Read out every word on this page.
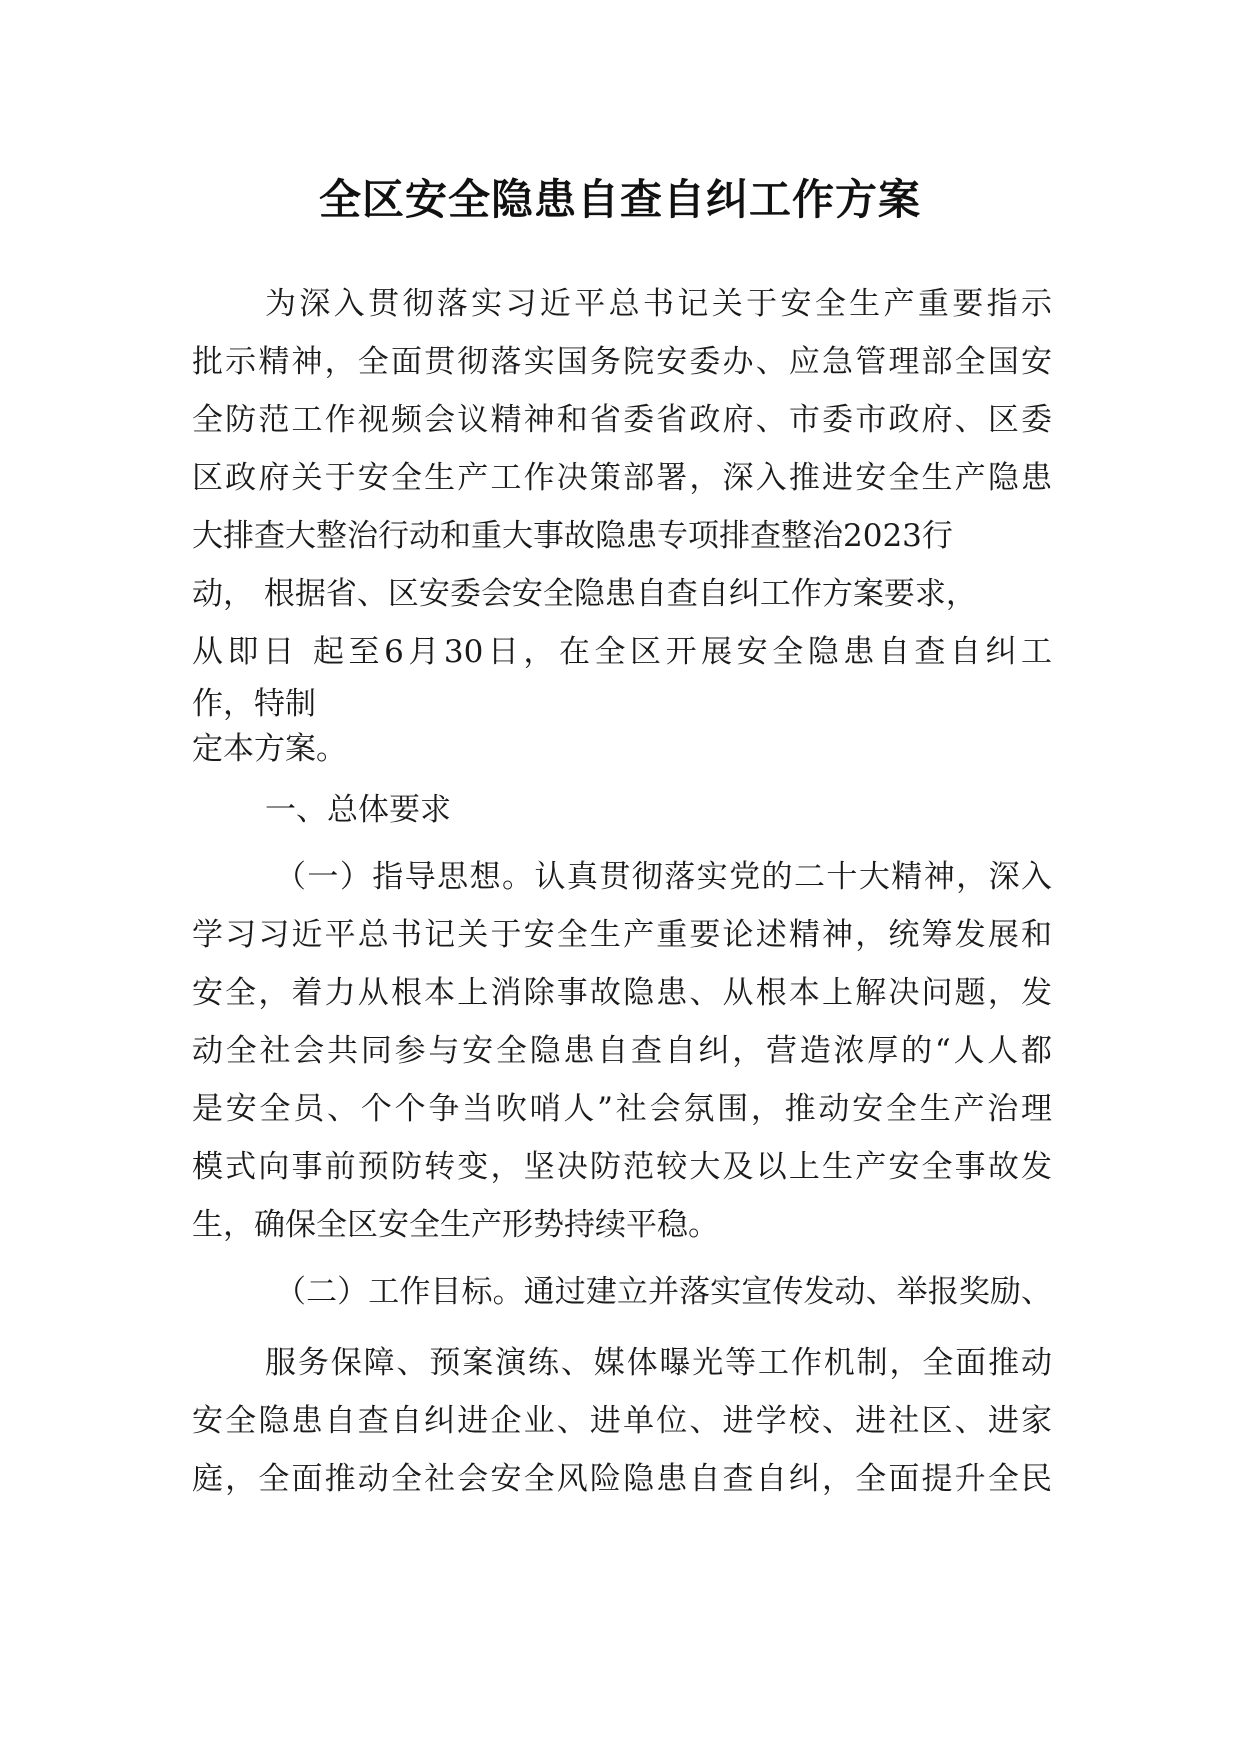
全区安全隐患自查自纠工作方案
为深入贯彻落实习近平总书记关于安全生产重要指示
批示精神，全面贯彻落实国务院安委办、应急管理部全国安
全防范工作视频会议精神和省委省政府、市委市政府、区委
区政府关于安全生产工作决策部署，深入推进安全生产隐患
大排查大整治行动和重大事故隐患专项排查整治2023行
动， 根据省、区安委会安全隐患自查自纠工作方案要求，
从即日 起至6月30日，在全区开展安全隐患自查自纠工
作，特制
定本方案。
一、总体要求
（一）指导思想。认真贯彻落实党的二十大精神，深入
学习习近平总书记关于安全生产重要论述精神，统筹发展和
安全，着力从根本上消除事故隐患、从根本上解决问题，发
动全社会共同参与安全隐患自查自纠，营造浓厚的“人人都
是安全员、个个争当吹哨人”社会氛围，推动安全生产治理
模式向事前预防转变，坚决防范较大及以上生产安全事故发
生，确保全区安全生产形势持续平稳。
（二）工作目标。通过建立并落实宣传发动、举报奖励、
服务保障、预案演练、媒体曝光等工作机制，全面推动
安全隐患自查自纠进企业、进单位、进学校、进社区、进家
庭，全面推动全社会安全风险隐患自查自纠，全面提升全民
